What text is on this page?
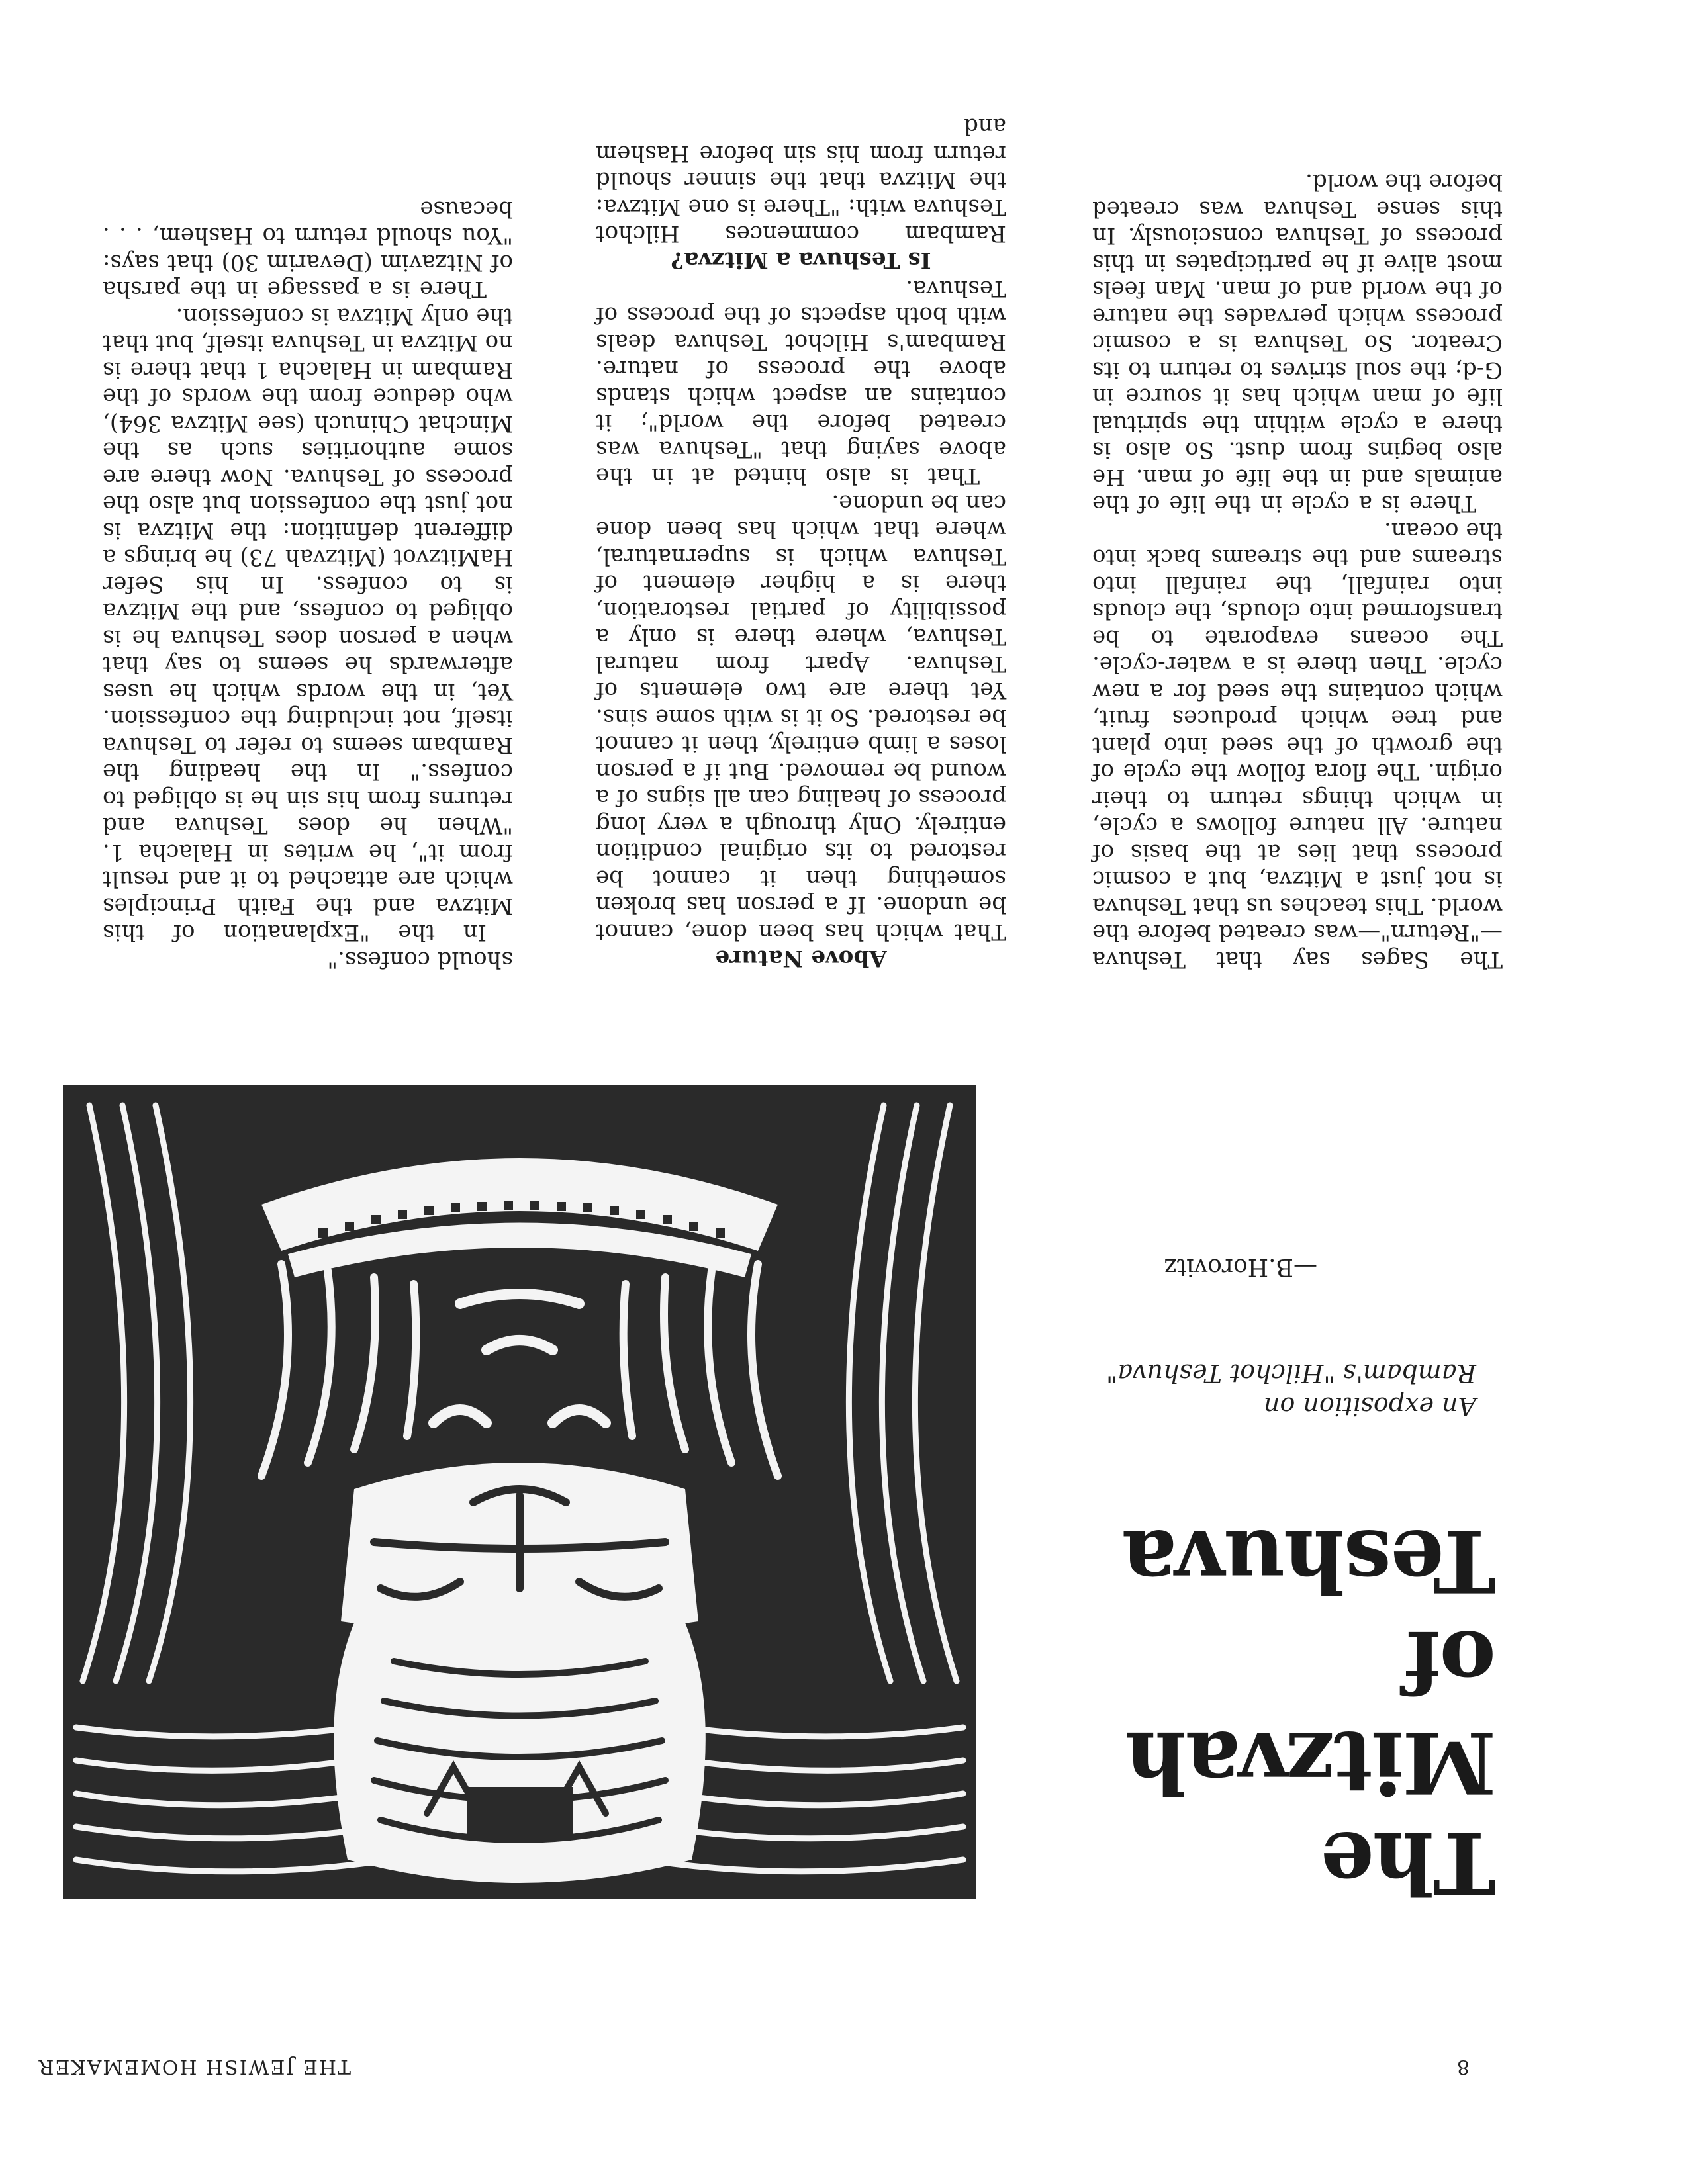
THE JEWISH HOMEMAKER	8
The
Mitzvah
of
Teshuva
An exposition on
Rambam's "Hilchot Teshuva"
—B.Horovitz

The Sages say that Teshuva—"Return"—was created before the world. This teaches us that Teshuva is not just a Mitzva, but a cosmic process that lies at the basis of nature. All nature follows a cycle, in which things return to their origin. The flora follow the cycle of the growth of the seed into plant and tree which produces fruit, which contains the seed for a new cycle. Then there is a water-cycle. The oceans evaporate to be transformed into clouds, the clouds into rainfall, the rainfall into streams and the streams back into the ocean.

There is a cycle in the life of the animals and in the life of man. He also begins from dust. So also is there a cycle within the spiritual life of man which has it source in G-d; the soul strives to return to its Creator. So Teshuva is a cosmic process which pervades the nature of the world and of man. Man feels most alive if he participates in this process of Teshuva consciously. In this sense Teshuva was created before the world.

Above Nature

That which has been done, cannot be undone. If a person has broken something then it cannot be restored to its original condition entirely. Only through a very long process of healing can all signs of a wound be removed. But if a person loses a limb entirely, then it cannot be restored. So it is with some sins. Yet there are two elements of Teshuva. Apart from natural Teshuva, where there is only a possibility of partial restoration, there is a higher element of Teshuva which is supernatural, where that which has been done can be undone.

That is also hinted at in the above saying that "Teshuva was created before the world"; it contains an aspect which stands above the process of nature. Rambam's Hilchot Teshuva deals with both aspects of the process of Teshuva.

Is Teshuva a Mitzva?

Rambam commences Hilchot Teshuva with: "There is one Mitzva: the Mitzva that the sinner should return from his sin before Hashem and

should confess."

In the "Explanation of this Mitzva and the Faith Principles which are attached to it and result from it", he writes in Halacha 1. "When he does Teshuva and returns from his sin he is obliged to confess." In the heading the Rambam seems to refer to Teshuva itself, not including the confession. Yet, in the words which he uses afterwards he seems to say that when a person does Teshuva he is obliged to confess, and the Mitzva is to confess. In his Sefer HaMitzvot (Mitzvah 73) he brings a different definition: the Mitzva is not just the confession but also the process of Teshuva. Now there are some authorities such as the Minchat Chinuch (see Mitzva 364), who deduce from the words of the Rambam in Halacha 1 that there is no Mitzva in Teshuva itself, but that the only Mitzva is confession.

There is a passage in the parsha of Nitzavim (Devarim 30) that says: "You should return to Hashem, . . . because
